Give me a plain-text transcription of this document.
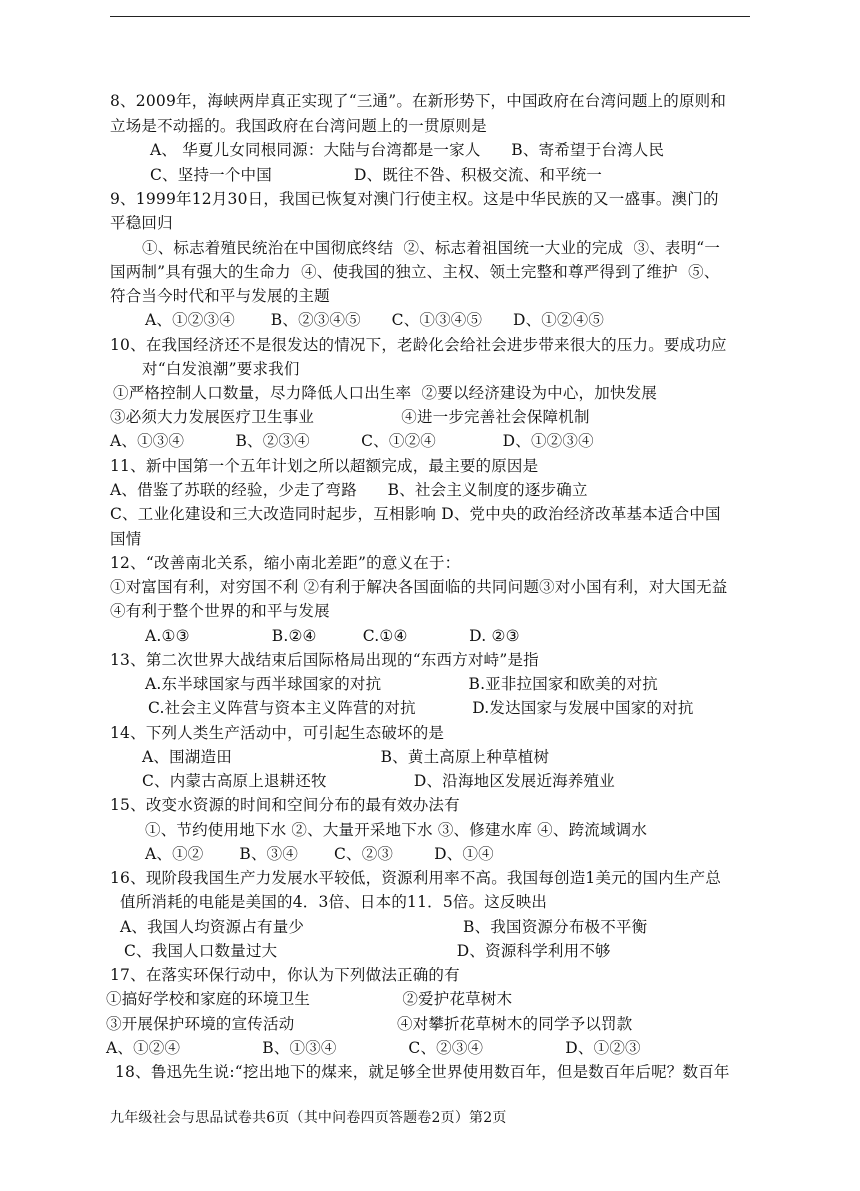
8、2009年，海峡两岸真正实现了“三通”。在新形势下，中国政府在台湾问题上的原则和
立场是不动摇的。我国政府在台湾问题上的一贯原则是
A、 华夏儿女同根同源：大陆与台湾都是一家人      B、寄希望于台湾人民
C、坚持一个中国                D、既往不咎、积极交流、和平统一
9、1999年12月30日，我国已恢复对澳门行使主权。这是中华民族的又一盛事。澳门的
平稳回归
①、标志着殖民统治在中国彻底终结  ②、标志着祖国统一大业的完成  ③、表明“一
国两制”具有强大的生命力  ④、使我国的独立、主权、领土完整和尊严得到了维护  ⑤、
符合当今时代和平与发展的主题
A、①②③④       B、②③④⑤      C、①③④⑤      D、①②④⑤
10、在我国经济还不是很发达的情况下，老龄化会给社会进步带来很大的压力。要成功应
对“白发浪潮”要求我们
①严格控制人口数量，尽力降低人口出生率  ②要以经济建设为中心，加快发展
③必须大力发展医疗卫生事业                 ④进一步完善社会保障机制
A、①③④          B、②③④          C、①②④             D、①②③④
11、新中国第一个五年计划之所以超额完成，最主要的原因是
A、借鉴了苏联的经验，少走了弯路      B、社会主义制度的逐步确立
C、工业化建设和三大改造同时起步，互相影响 D、党中央的政治经济改革基本适合中国
国情
12、“改善南北关系，缩小南北差距”的意义在于：
①对富国有利，对穷国不利 ②有利于解决各国面临的共同问题③对小国有利，对大国无益
④有利于整个世界的和平与发展
A.①③                B.②④         C.①④            D. ②③
13、第二次世界大战结束后国际格局出现的“东西方对峙”是指
A.东半球国家与西半球国家的对抗                 B.亚非拉国家和欧美的对抗
C.社会主义阵营与资本主义阵营的对抗           D.发达国家与发展中国家的对抗
14、下列人类生产活动中，可引起生态破坏的是
A、围湖造田                             B、黄土高原上种草植树
C、内蒙古高原上退耕还牧                 D、沿海地区发展近海养殖业
15、改变水资源的时间和空间分布的最有效办法有
①、节约使用地下水 ②、大量开采地下水 ③、修建水库 ④、跨流域调水
A、①②       B、③④       C、②③        D、①④
16、现阶段我国生产力发展水平较低，资源利用率不高。我国每创造1美元的国内生产总
值所消耗的电能是美国的4．3倍、日本的11．5倍。这反映出
A、我国人均资源占有量少                               B、我国资源分布极不平衡
C、我国人口数量过大                                   D、资源科学利用不够
17、在落实环保行动中，你认为下列做法正确的有
①搞好学校和家庭的环境卫生                  ②爱护花草树木
③开展保护环境的宣传活动                    ④对攀折花草树木的同学予以罚款
A、①②④                B、①③④              C、②③④                D、①②③
18、鲁迅先生说:“挖出地下的煤来，就足够全世界使用数百年，但是数百年后呢？数百年
九年级社会与思品试卷共6页（其中问卷四页答题卷2页）第2页
